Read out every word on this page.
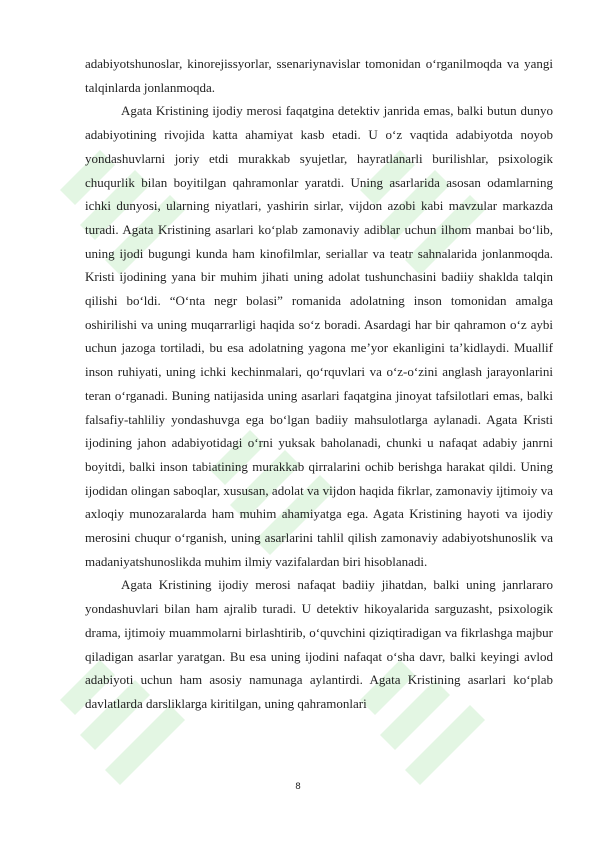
adabiyotshunoslar, kinorejissyorlar, ssenariynavislar tomonidan o‘rganilmoqda va yangi talqinlarda jonlanmoqda.

Agata Kristining ijodiy merosi faqatgina detektiv janrida emas, balki butun dunyo adabiyotining rivojida katta ahamiyat kasb etadi. U o‘z vaqtida adabiyotda noyob yondashuvlarni joriy etdi murakkab syujetlar, hayratlanarli burilishlar, psixologik chuqurlik bilan boyitilgan qahramonlar yaratdi. Uning asarlarida asosan odamlarning ichki dunyosi, ularning niyatlari, yashirin sirlar, vijdon azobi kabi mavzular markazda turadi. Agata Kristining asarlari ko‘plab zamonaviy adiblar uchun ilhom manbai bo‘lib, uning ijodi bugungi kunda ham kinofilmlar, seriallar va teatr sahnalarida jonlanmoqda. Kristi ijodining yana bir muhim jihati uning adolat tushunchasini badiiy shaklda talqin qilishi bo‘ldi. “O‘nta negr bolasi” romanida adolatning inson tomonidan amalga oshirilishi va uning muqarrarligi haqida so‘z boradi. Asardagi har bir qahramon o‘z aybi uchun jazoga tortiladi, bu esa adolatning yagona me’yor ekanligini ta’kidlaydi. Muallif inson ruhiyati, uning ichki kechinmalari, qo‘rquvlari va o‘z-o‘zini anglash jarayonlarini teran o‘rganadi. Buning natijasida uning asarlari faqatgina jinoyat tafsilotlari emas, balki falsafiy-tahliliy yondashuvga ega bo‘lgan badiiy mahsulotlarga aylanadi. Agata Kristi ijodining jahon adabiyotidagi o‘rni yuksak baholanadi, chunki u nafaqat adabiy janrni boyitdi, balki inson tabiatining murakkab qirralarini ochib berishga harakat qildi. Uning ijodidan olingan saboqlar, xususan, adolat va vijdon haqida fikrlar, zamonaviy ijtimoiy va axloqiy munozaralarda ham muhim ahamiyatga ega. Agata Kristining hayoti va ijodiy merosini chuqur o‘rganish, uning asarlarini tahlil qilish zamonaviy adabiyotshunoslik va madaniyatshunoslikda muhim ilmiy vazifalardan biri hisoblanadi.

Agata Kristining ijodiy merosi nafaqat badiiy jihatdan, balki uning janrlararo yondashuvlari bilan ham ajralib turadi. U detektiv hikoyalarida sarguzasht, psixologik drama, ijtimoiy muammolarni birlashtirib, o‘quvchini qiziqtiradigan va fikrlashga majbur qiladigan asarlar yaratgan. Bu esa uning ijodini nafaqat o‘sha davr, balki keyingi avlod adabiyoti uchun ham asosiy namunaga aylantirdi. Agata Kristining asarlari ko‘plab davlatlarda darsliklarga kiritilgan, uning qahramonlari

8
